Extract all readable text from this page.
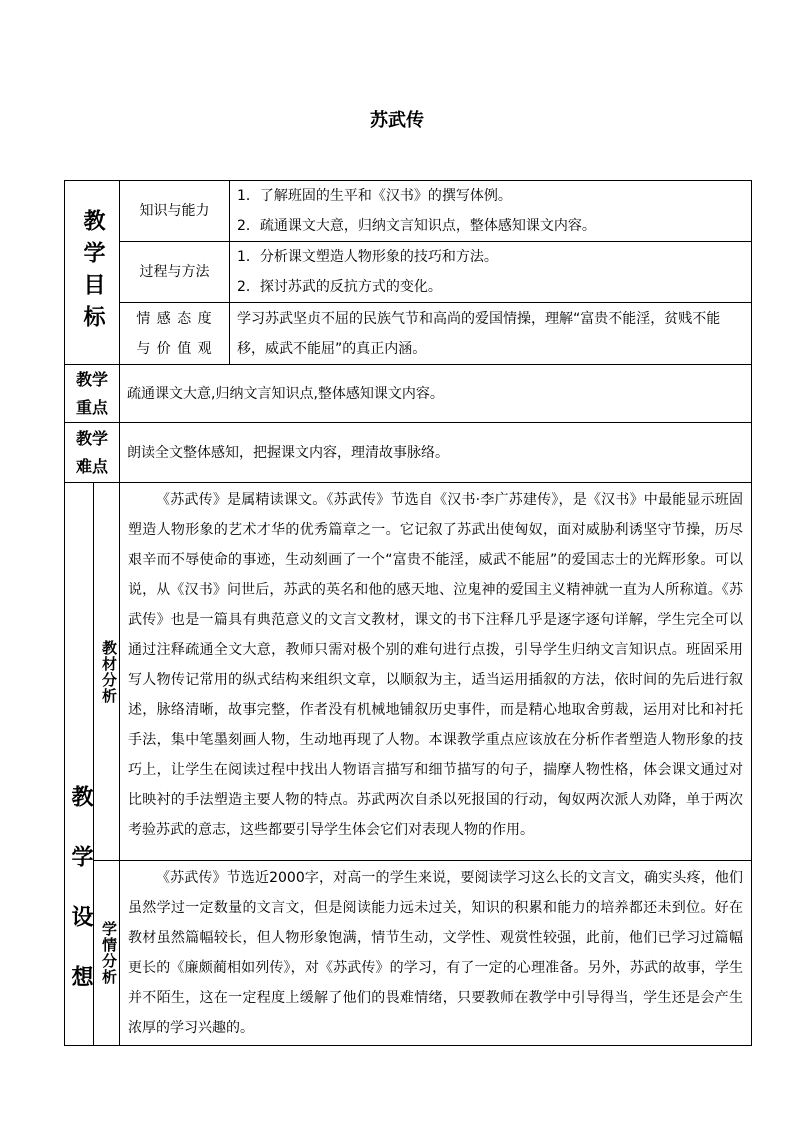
苏武传
教学目标		知识与能力	1．了解班固的生平和《汉书》的撰写体例。
2．疏通课文大意，归纳文言知识点，整体感知课文内容。

		过程与方法	1．分析课文塑造人物形象的技巧和方法。
2．探讨苏武的反抗方式的变化。

		情 感 态 度
与 价 值 观	学习苏武坚贞不屈的民族气节和高尚的爱国情操，理解“富贵不能淫，贫贱不能移，威武不能屈”的真正内涵。

教学
重点		疏通课文大意,归纳文言知识点,整体感知课文内容。	

教学
难点		朗读全文整体感知，把握课文内容，理清故事脉络。	

教学设想	教材分析	《苏武传》是属精读课文。《苏武传》节选自《汉书·李广苏建传》，是《汉书》中最能显示班固塑造人物形象的艺术才华的优秀篇章之一。它记叙了苏武出使匈奴，面对威胁利诱坚守节操，历尽艰辛而不辱使命的事迹，生动刻画了一个“富贵不能淫，威武不能屈”的爱国志士的光辉形象。可以说，从《汉书》问世后，苏武的英名和他的感天地、泣鬼神的爱国主义精神就一直为人所称道。《苏武传》也是一篇具有典范意义的文言文教材，课文的书下注释几乎是逐字逐句详解，学生完全可以通过注释疏通全文大意，教师只需对极个别的难句进行点拨，引导学生归纳文言知识点。班固采用写人物传记常用的纵式结构来组织文章，以顺叙为主，适当运用插叙的方法，依时间的先后进行叙述，脉络清晰，故事完整，作者没有机械地铺叙历史事件，而是精心地取舍剪裁，运用对比和衬托手法，集中笔墨刻画人物，生动地再现了人物。本课教学重点应该放在分析作者塑造人物形象的技巧上，让学生在阅读过程中找出人物语言描写和细节描写的句子，揣摩人物性格，体会课文通过对比映衬的手法塑造主要人物的特点。苏武两次自杀以死报国的行动，匈奴两次派人劝降，单于两次考验苏武的意志，这些都要引导学生体会它们对表现人物的作用。	

	学情分析	《苏武传》节选近2000字，对高一的学生来说，要阅读学习这么长的文言文，确实头疼，他们虽然学过一定数量的文言文，但是阅读能力远未过关，知识的积累和能力的培养都还未到位。好在教材虽然篇幅较长，但人物形象饱满，情节生动，文学性、观赏性较强，此前，他们已学习过篇幅更长的《廉颇蔺相如列传》，对《苏武传》的学习，有了一定的心理准备。另外，苏武的故事，学生并不陌生，这在一定程度上缓解了他们的畏难情绪，只要教师在教学中引导得当，学生还是会产生浓厚的学习兴趣的。	
